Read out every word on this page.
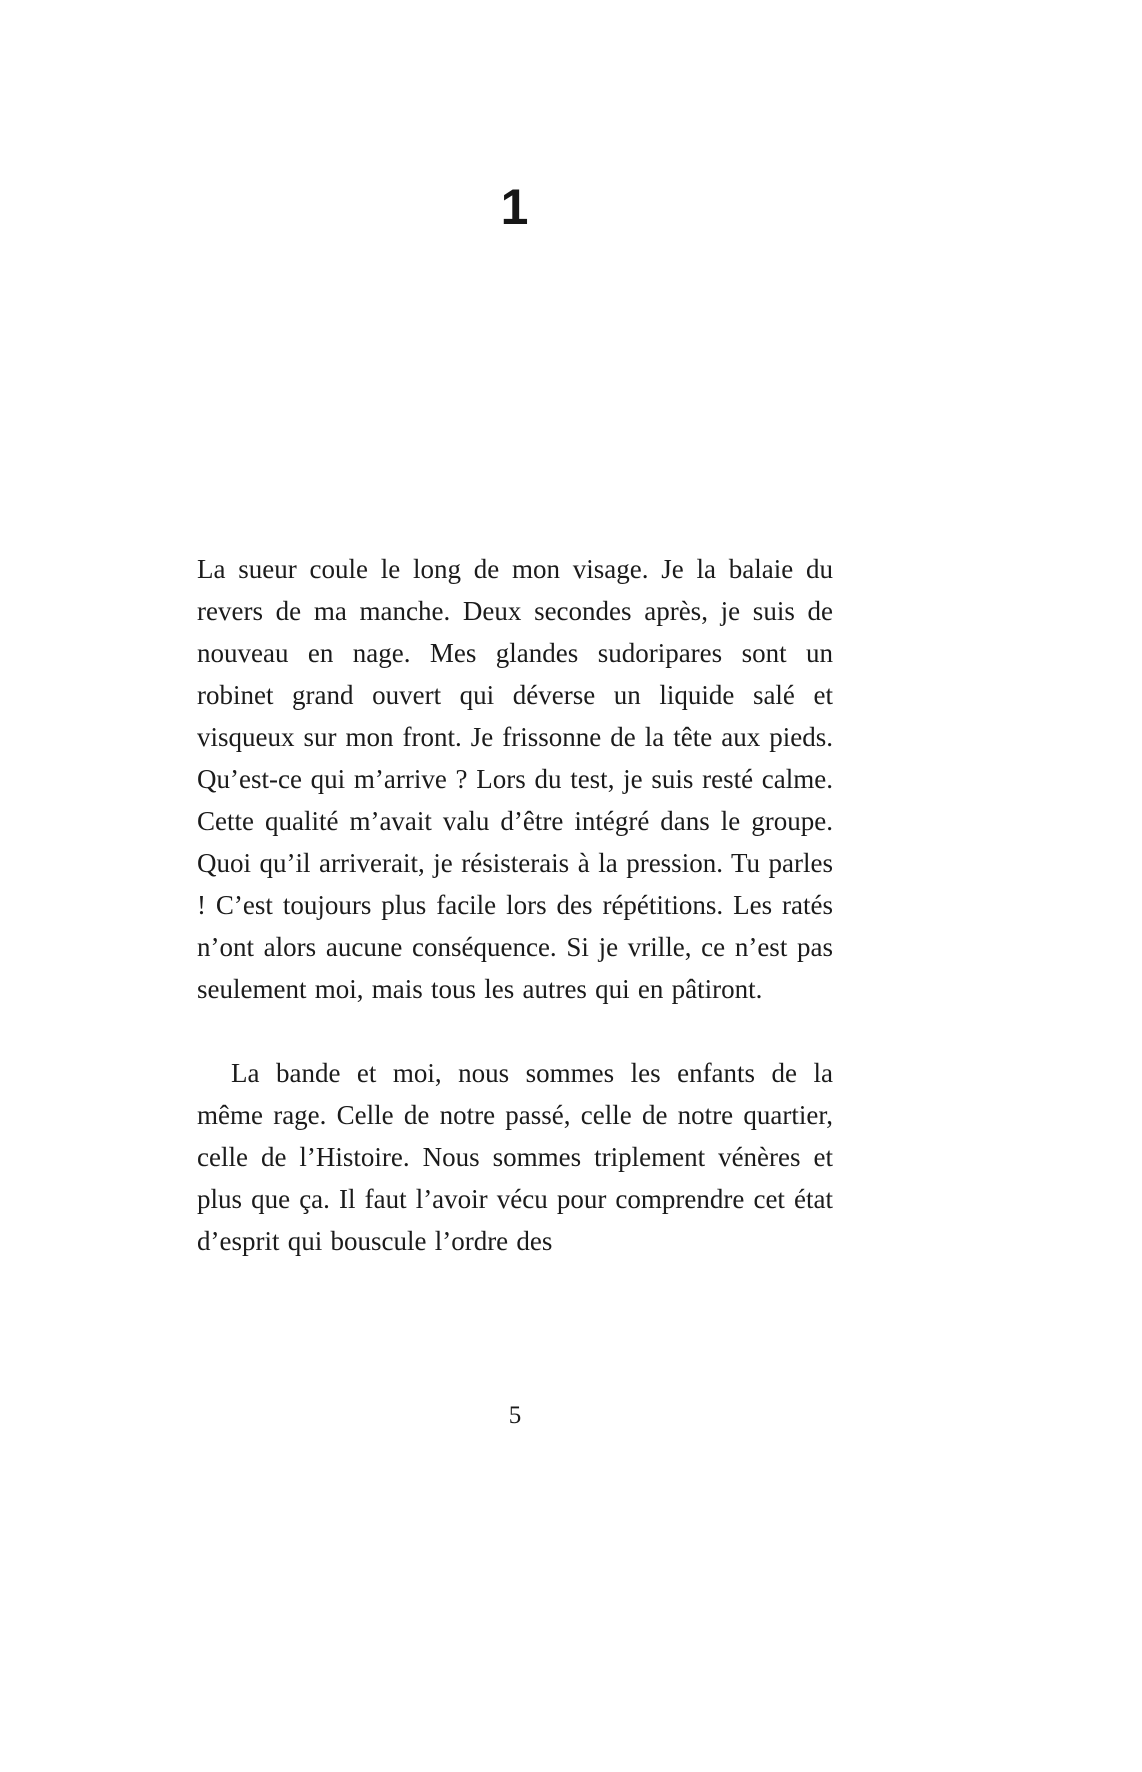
1

La sueur coule le long de mon visage. Je la balaie du revers de ma manche. Deux secondes après, je suis de nouveau en nage. Mes glandes sudoripares sont un robinet grand ouvert qui déverse un liquide salé et visqueux sur mon front. Je frissonne de la tête aux pieds. Qu’est-ce qui m’arrive ? Lors du test, je suis resté calme. Cette qualité m’avait valu d’être intégré dans le groupe. Quoi qu’il arriverait, je résisterais à la pression. Tu parles ! C’est toujours plus facile lors des répétitions. Les ratés n’ont alors aucune conséquence. Si je vrille, ce n’est pas seulement moi, mais tous les autres qui en pâtiront.

La bande et moi, nous sommes les enfants de la même rage. Celle de notre passé, celle de notre quartier, celle de l’Histoire. Nous sommes triplement vénères et plus que ça. Il faut l’avoir vécu pour comprendre cet état d’esprit qui bouscule l’ordre des

5
